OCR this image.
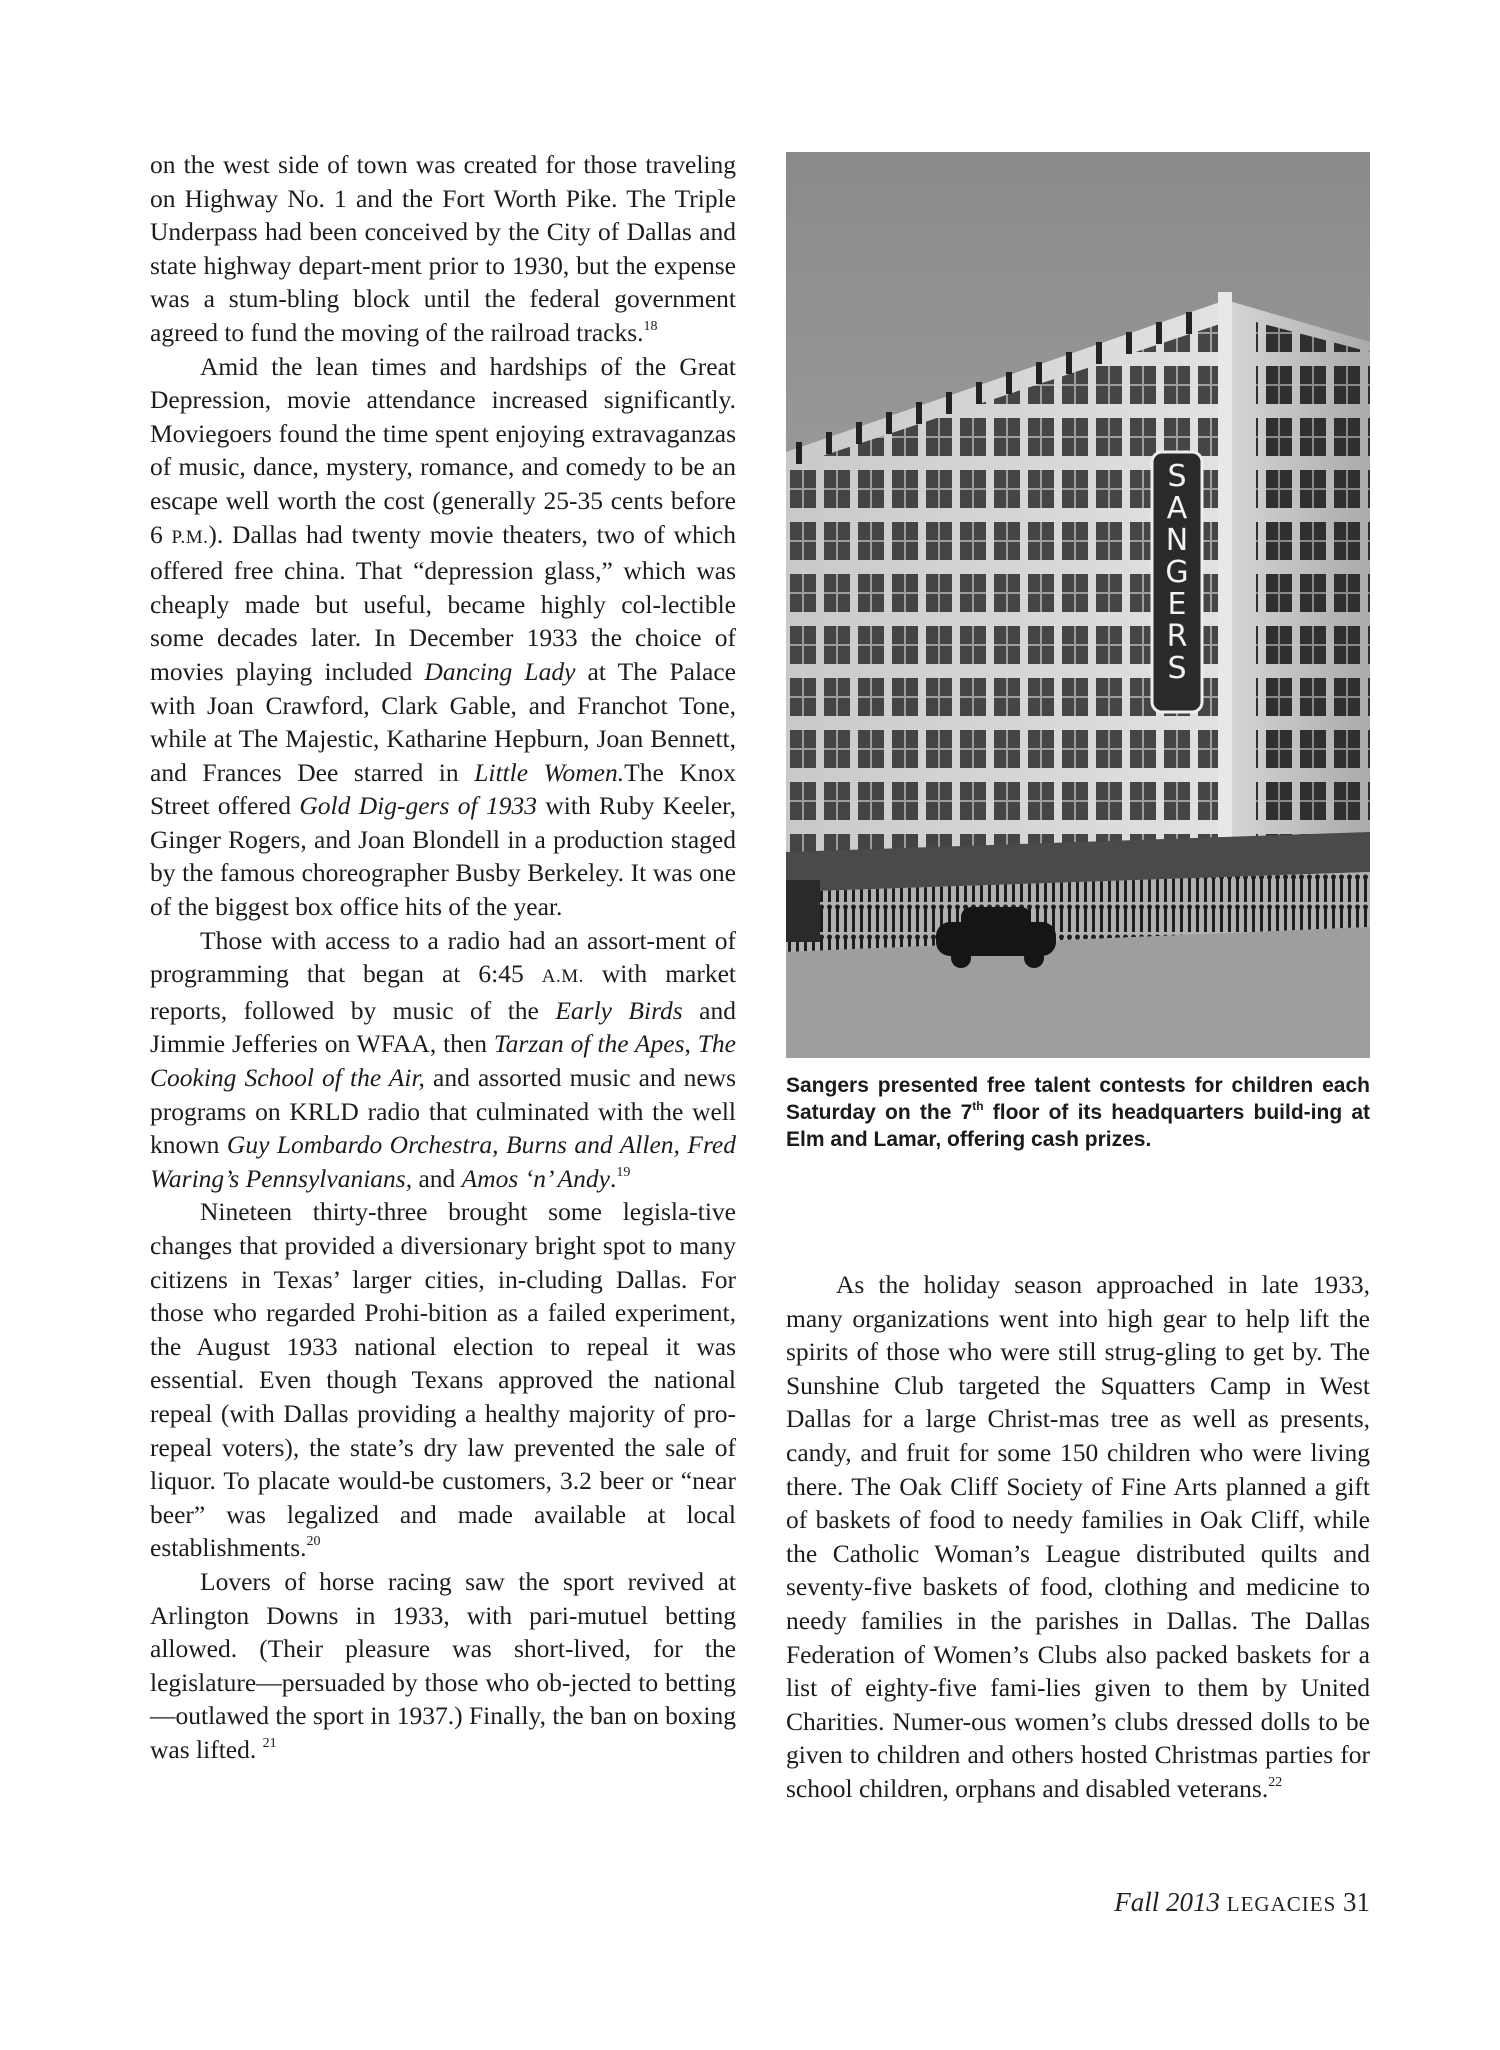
on the west side of town was created for those traveling on Highway No. 1 and the Fort Worth Pike. The Triple Underpass had been conceived by the City of Dallas and state highway depart-ment prior to 1930, but the expense was a stum-bling block until the federal government agreed to fund the moving of the railroad tracks.$^{18}$

Amid the lean times and hardships of the Great Depression, movie attendance increased significantly. Moviegoers found the time spent enjoying extravaganzas of music, dance, mystery, romance, and comedy to be an escape well worth the cost (generally 25-35 cents before 6 P.M.). Dallas had twenty movie theaters, two of which offered free china. That “depression glass,” which was cheaply made but useful, became highly col-lectible some decades later. In December 1933 the choice of movies playing included Dancing Lady at The Palace with Joan Crawford, Clark Gable, and Franchot Tone, while at The Majestic, Katharine Hepburn, Joan Bennett, and Frances Dee starred in Little Women.The Knox Street offered Gold Dig-gers of 1933 with Ruby Keeler, Ginger Rogers, and Joan Blondell in a production staged by the famous choreographer Busby Berkeley. It was one of the biggest box office hits of the year.

Those with access to a radio had an assort-ment of programming that began at 6:45 A.M. with market reports, followed by music of the Early Birds and Jimmie Jefferies on WFAA, then Tarzan of the Apes, The Cooking School of the Air, and assorted music and news programs on KRLD radio that culminated with the well known Guy Lombardo Orchestra, Burns and Allen, Fred Waring’s Pennsylvanians, and Amos ‘n’ Andy.$^{19}$

Nineteen thirty-three brought some legisla-tive changes that provided a diversionary bright spot to many citizens in Texas’ larger cities, in-cluding Dallas. For those who regarded Prohi-bition as a failed experiment, the August 1933 national election to repeal it was essential. Even though Texans approved the national repeal (with Dallas providing a healthy majority of pro-repeal voters), the state’s dry law prevented the sale of liquor. To placate would-be customers, 3.2 beer or “near beer” was legalized and made available at local establishments.$^{20}$

Lovers of horse racing saw the sport revived at Arlington Downs in 1933, with pari-mutuel betting allowed. (Their pleasure was short-lived, for the legislature—persuaded by those who ob-jected to betting—outlawed the sport in 1937.) Finally, the ban on boxing was lifted. $^{21}$

S A N G E R S
Sangers presented free talent contests for children each Saturday on the 7th floor of its headquarters build-ing at Elm and Lamar, offering cash prizes.

As the holiday season approached in late 1933, many organizations went into high gear to help lift the spirits of those who were still strug-gling to get by. The Sunshine Club targeted the Squatters Camp in West Dallas for a large Christ-mas tree as well as presents, candy, and fruit for some 150 children who were living there. The Oak Cliff Society of Fine Arts planned a gift of baskets of food to needy families in Oak Cliff, while the Catholic Woman’s League distributed quilts and seventy-five baskets of food, clothing and medicine to needy families in the parishes in Dallas. The Dallas Federation of Women’s Clubs also packed baskets for a list of eighty-five fami-lies given to them by United Charities. Numer-ous women’s clubs dressed dolls to be given to children and others hosted Christmas parties for school children, orphans and disabled veterans.$^{22}$

Fall 2013 LEGACIES 31
